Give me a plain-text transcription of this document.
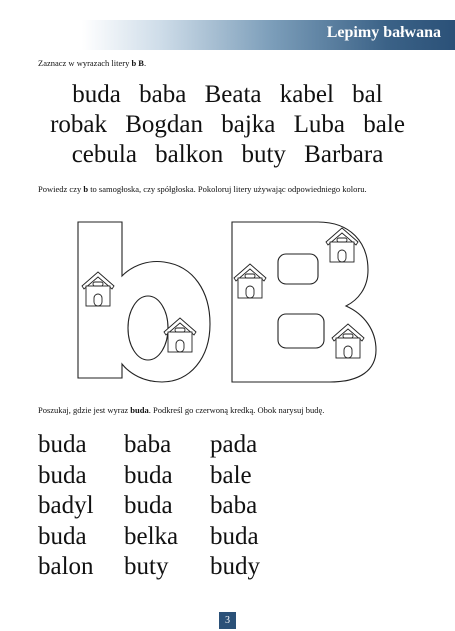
Lepimy bałwana
Zaznacz w wyrazach litery b B.
buda baba Beata kabel bal
robak Bogdan bajka Luba bale
cebula balkon buty Barbara
Powiedz czy b to samogłoska, czy spółgłoska. Pokoloruj litery używając odpowiedniego koloru.
Poszukaj, gdzie jest wyraz buda. Podkreśl go czerwoną kredką. Obok narysuj budę.
buda	baba	pada
buda	buda	bale
badyl	buda	baba
buda	belka	buda
balon	buty	budy
3
